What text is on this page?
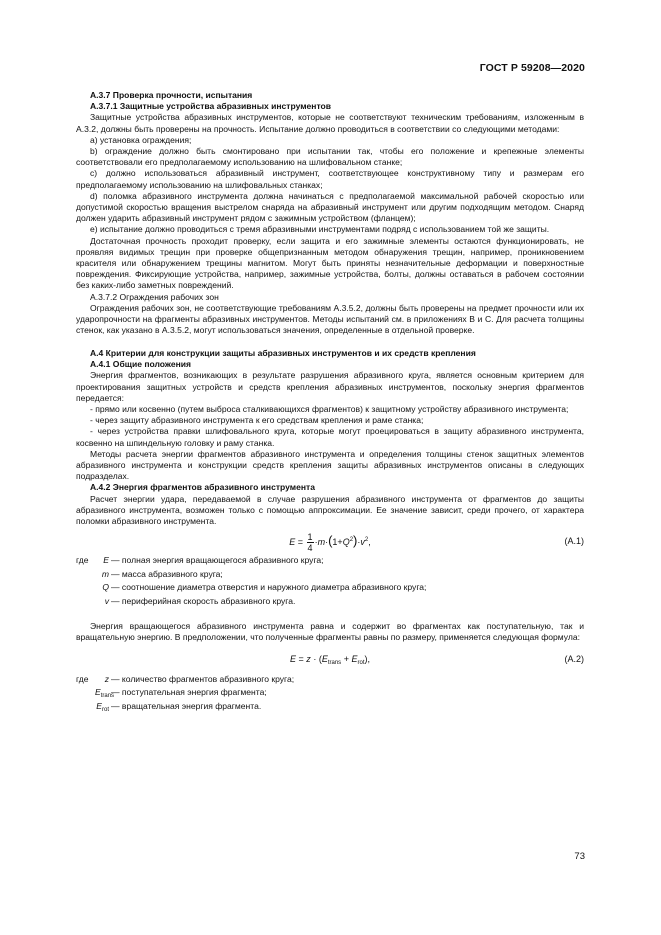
ГОСТ Р 59208—2020

А.3.7 Проверка прочности, испытания

А.3.7.1 Защитные устройства абразивных инструментов

Защитные устройства абразивных инструментов, которые не соответствуют техническим требованиям, изложенным в А.3.2, должны быть проверены на прочность. Испытание должно проводиться в соответствии со следующими методами:

а) установка ограждения;

b) ограждение должно быть смонтировано при испытании так, чтобы его положение и крепежные элементы соответствовали его предполагаемому использованию на шлифовальном станке;

с) должно использоваться абразивный инструмент, соответствующее конструктивному типу и размерам его предполагаемому использованию на шлифовальных станках;

d) поломка абразивного инструмента должна начинаться с предполагаемой максимальной рабочей скоростью или допустимой скоростью вращения выстрелом снаряда на абразивный инструмент или другим подходящим методом. Снаряд должен ударить абразивный инструмент рядом с зажимным устройством (фланцем);

е) испытание должно проводиться с тремя абразивными инструментами подряд с использованием той же защиты.

Достаточная прочность проходит проверку, если защита и его зажимные элементы остаются функционировать, не проявляя видимых трещин при проверке общепризнанным методом обнаружения трещин, например, проникновением красителя или обнаружением трещины магнитом. Могут быть приняты незначительные деформации и поверхностные повреждения. Фиксирующие устройства, например, зажимные устройства, болты, должны оставаться в рабочем состоянии без каких-либо заметных повреждений.

А.3.7.2 Ограждения рабочих зон

Ограждения рабочих зон, не соответствующие требованиям А.3.5.2, должны быть проверены на предмет прочности или их ударопрочности на фрагменты абразивных инструментов. Методы испытаний см. в приложениях В и С. Для расчета толщины стенок, как указано в А.3.5.2, могут использоваться значения, определенные в отдельной проверке.

А.4 Критерии для конструкции защиты абразивных инструментов и их средств крепления

А.4.1 Общие положения

Энергия фрагментов, возникающих в результате разрушения абразивного круга, является основным критерием для проектирования защитных устройств и средств крепления абразивных инструментов, поскольку энергия фрагментов передается:

- прямо или косвенно (путем выброса сталкивающихся фрагментов) к защитному устройству абразивного инструмента;

- через защиту абразивного инструмента к его средствам крепления и раме станка;

- через устройства правки шлифовального круга, которые могут проецироваться в защиту абразивного инструмента, косвенно на шпиндельную головку и раму станка.

Методы расчета энергии фрагментов абразивного инструмента и определения толщины стенок защитных элементов абразивного инструмента и конструкции средств крепления защиты абразивных инструментов описаны в следующих подразделах.

А.4.2 Энергия фрагментов абразивного инструмента

Расчет энергии удара, передаваемой в случае разрушения абразивного инструмента от фрагментов до защиты абразивного инструмента, возможен только с помощью аппроксимации. Ее значение зависит, среди прочего, от характера поломки абразивного инструмента.

$E = \frac{1}{4} \cdot m\cdot(1+Q^2)\cdot v^2$,	(А.1)
где	E — полная энергия вращающегося абразивного круга;
m — масса абразивного круга;
Q — соотношение диаметра отверстия и наружного диаметра абразивного круга;
v — периферийная скорость абразивного круга.

Энергия вращающегося абразивного инструмента равна и содержит во фрагментах как поступательную, так и вращательную энергию. В предположении, что полученные фрагменты равны по размеру, применяется следующая формула:

$E = z \cdot (E_{trans} + E_{rot})$,	(А.2)
где	z — количество фрагментов абразивного круга;
$E_{trans}$
— поступательная энергия фрагмента;
$E_{rot}$ — вращательная энергия фрагмента.
73
